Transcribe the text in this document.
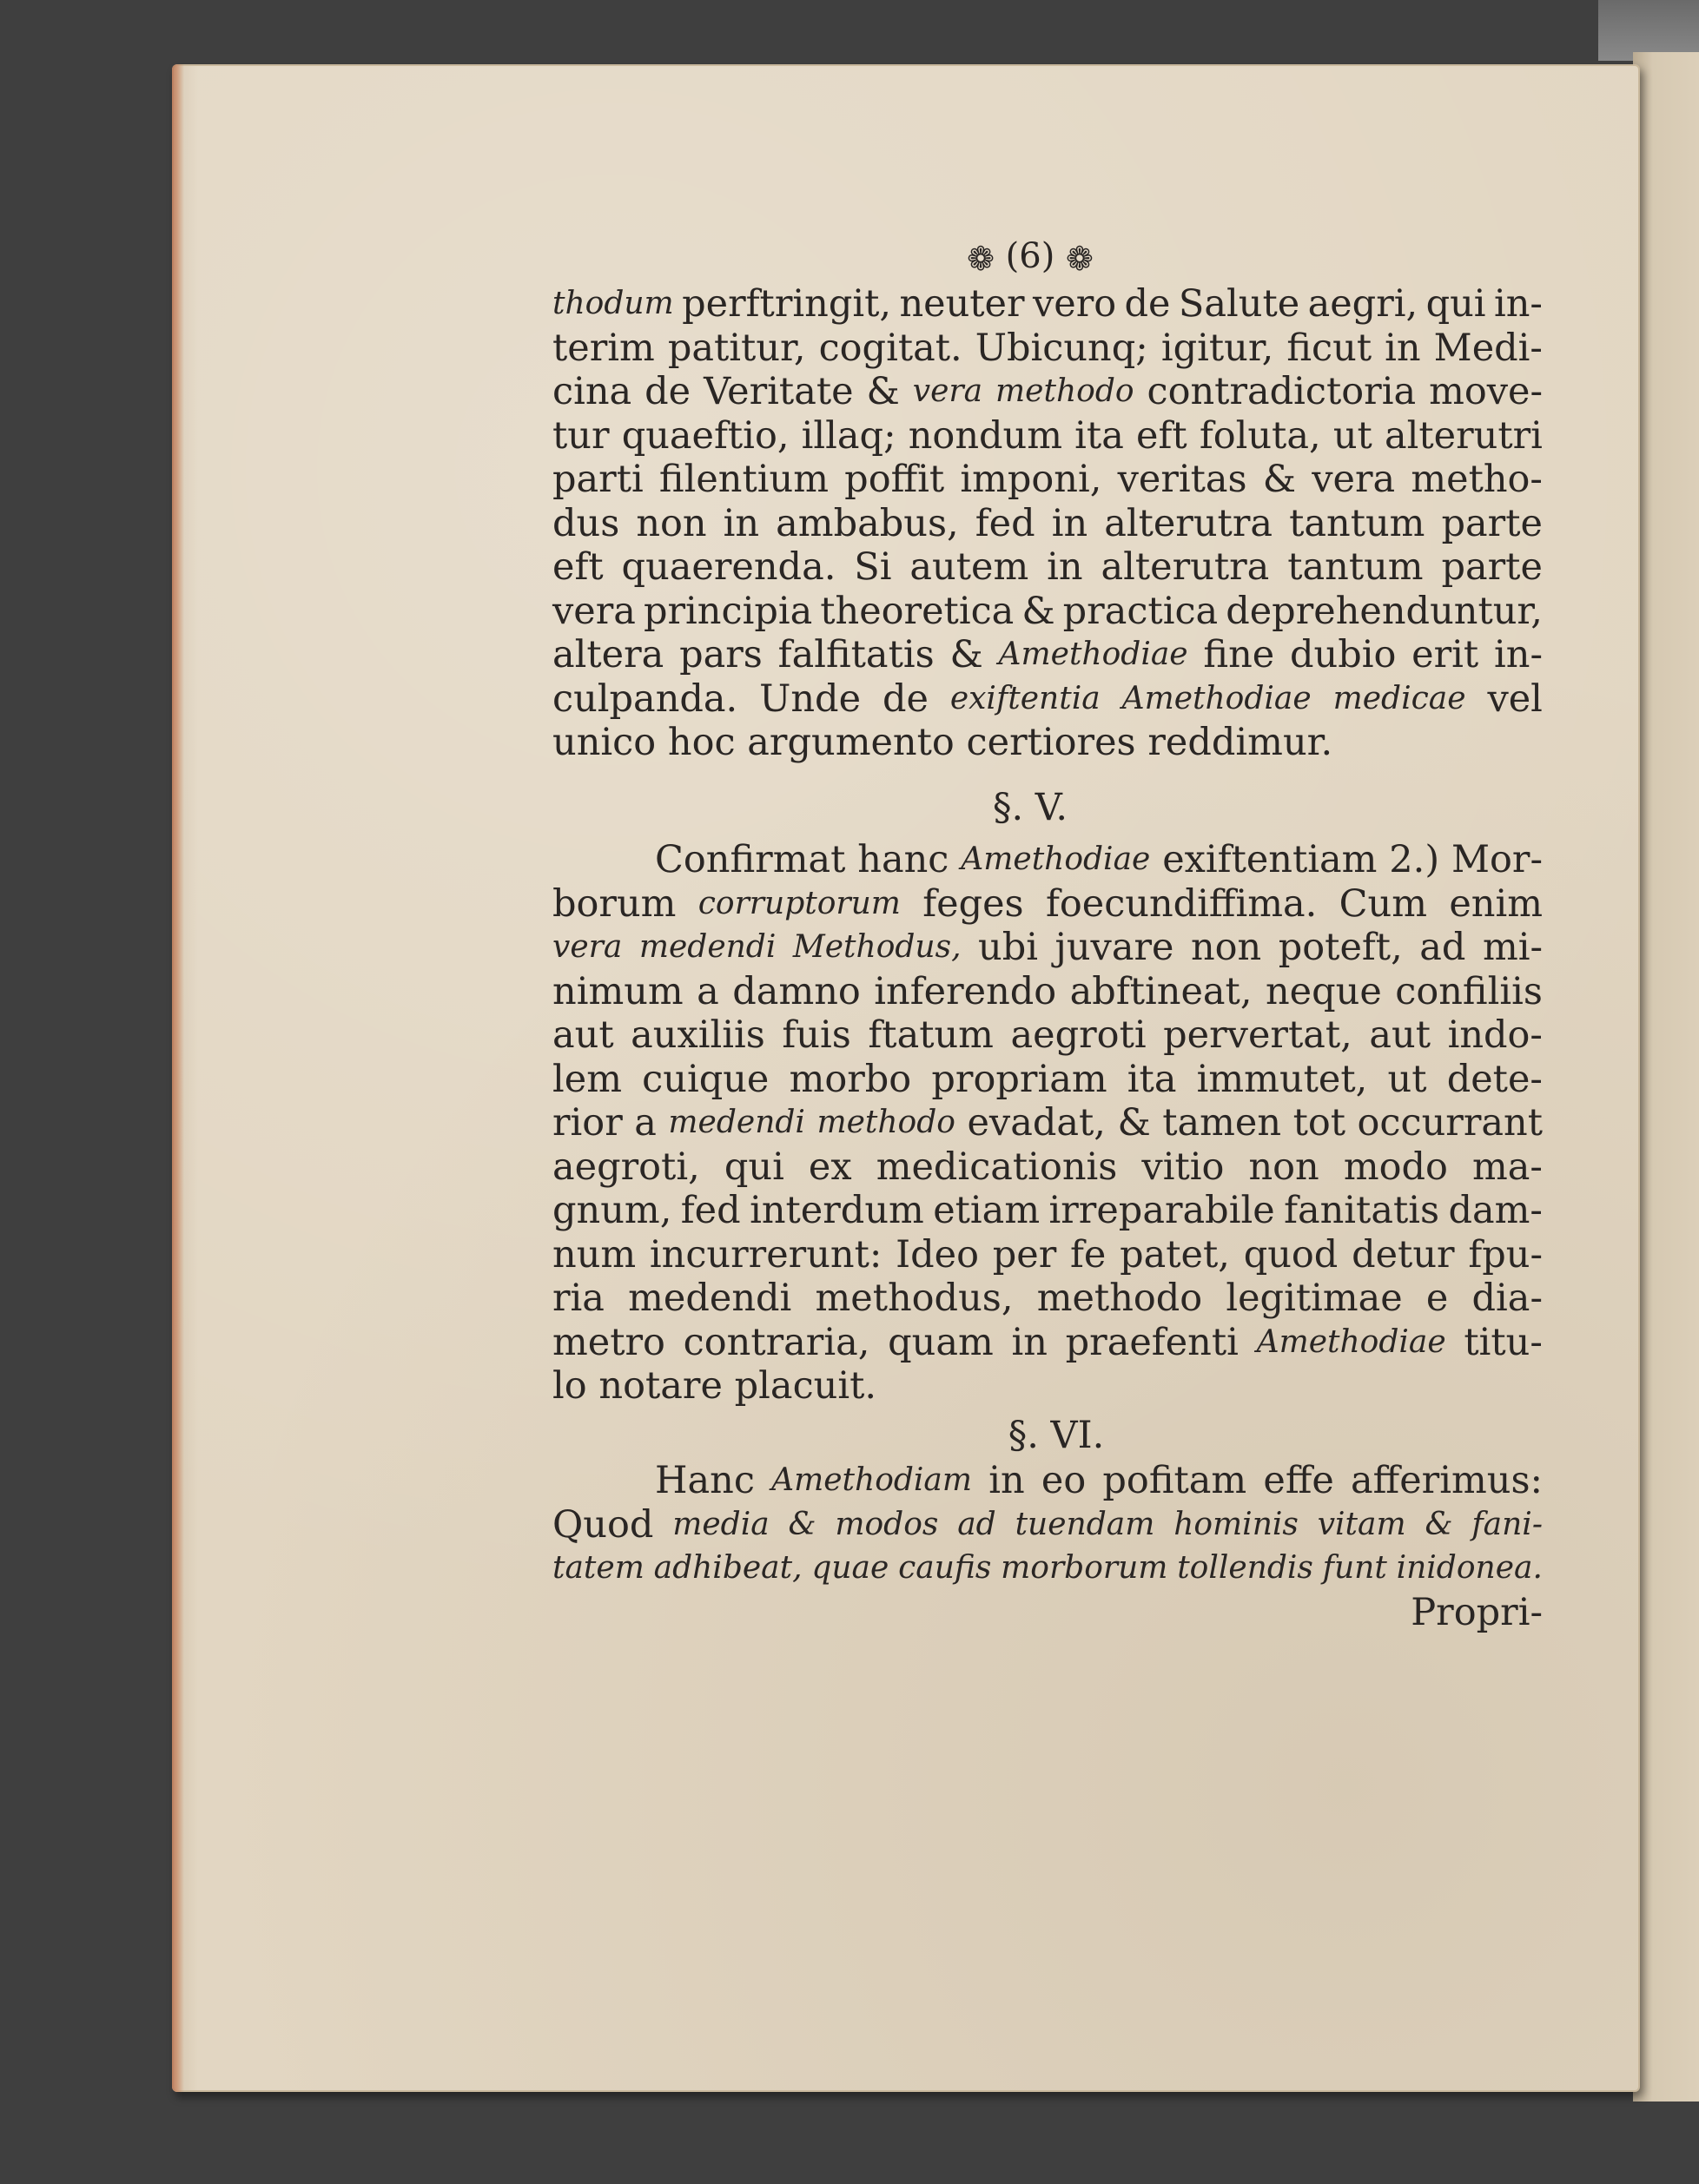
❁ (6) ❁
thodum perftringit, neuter vero de Salute aegri, qui in-
terim patitur, cogitat. Ubicunq; igitur, ficut in Medi-
cina de Veritate & vera methodo contradictoria move-
tur quaeftio, illaq; nondum ita eft foluta, ut alterutri
parti filentium poffit imponi, veritas & vera metho-
dus non in ambabus, fed in alterutra tantum parte
eft quaerenda. Si autem in alterutra tantum parte
vera principia theoretica & practica deprehenduntur,
altera pars falfitatis & Amethodiae fine dubio erit in-
culpanda. Unde de exiftentia Amethodiae medicae vel
unico hoc argumento certiores reddimur.
§. V.
Confirmat hanc Amethodiae exiftentiam 2.) Mor-
borum corruptorum feges foecundiffima. Cum enim
vera medendi Methodus, ubi juvare non poteft, ad mi-
nimum a damno inferendo abftineat, neque confiliis
aut auxiliis fuis ftatum aegroti pervertat, aut indo-
lem cuique morbo propriam ita immutet, ut dete-
rior a medendi methodo evadat, & tamen tot occurrant
aegroti, qui ex medicationis vitio non modo ma-
gnum, fed interdum etiam irreparabile fanitatis dam-
num incurrerunt: Ideo per fe patet, quod detur fpu-
ria medendi methodus, methodo legitimae e dia-
metro contraria, quam in praefenti Amethodiae titu-
lo notare placuit.
§. VI.
Hanc Amethodiam in eo pofitam effe afferimus:
Quod media & modos ad tuendam hominis vitam & fani-
tatem adhibeat, quae caufis morborum tollendis funt inidonea.
Propri-
